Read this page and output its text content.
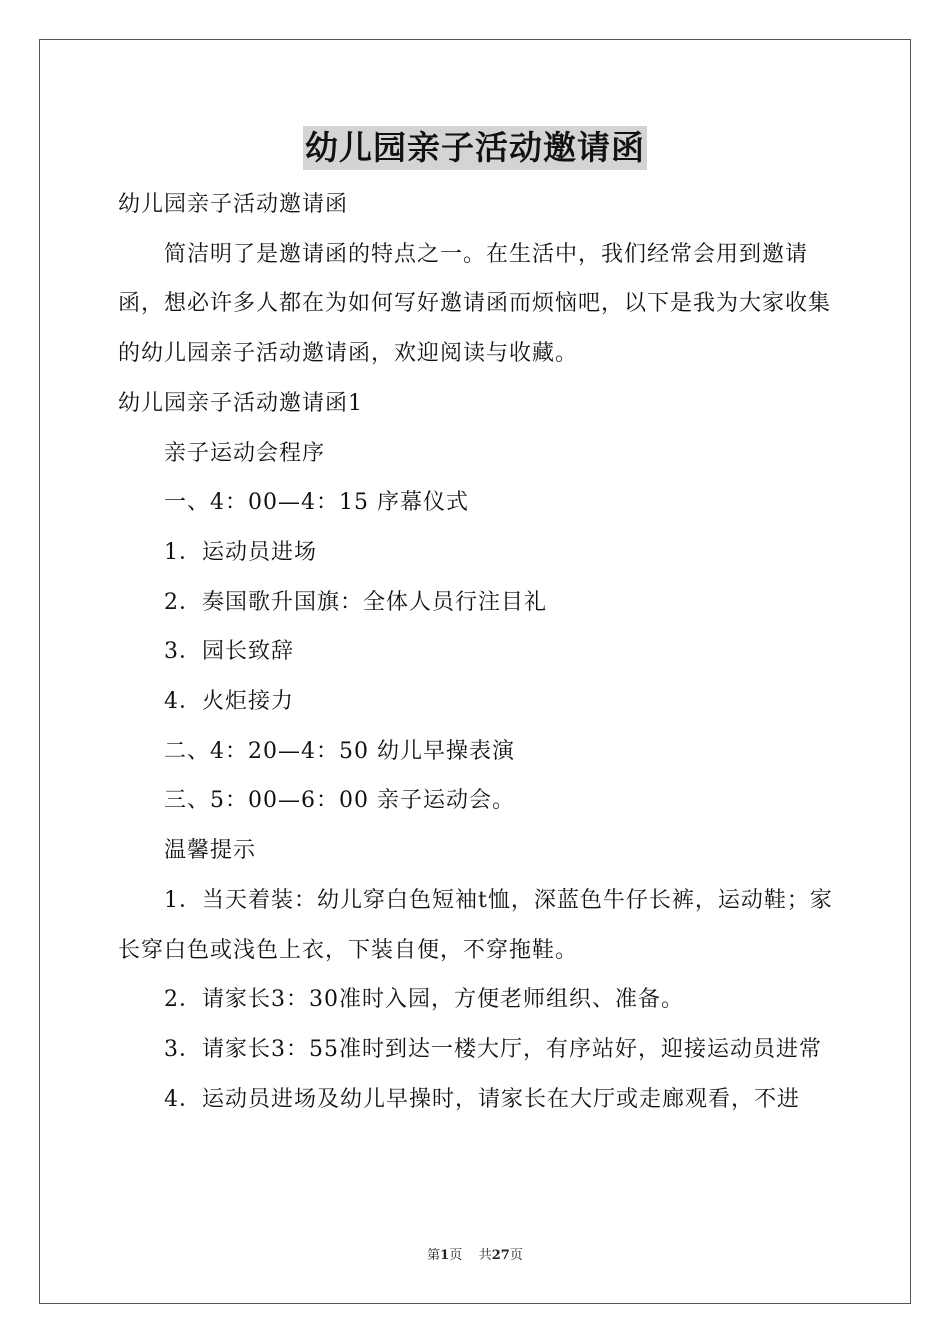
幼儿园亲子活动邀请函

幼儿园亲子活动邀请函

简洁明了是邀请函的特点之一。在生活中，我们经常会用到邀请函，想必许多人都在为如何写好邀请函而烦恼吧，以下是我为大家收集的幼儿园亲子活动邀请函，欢迎阅读与收藏。

幼儿园亲子活动邀请函1

亲子运动会程序

一、4：00—4：15 序幕仪式

1．运动员进场

2．奏国歌升国旗：全体人员行注目礼

3．园长致辞

4．火炬接力

二、4：20—4：50 幼儿早操表演

三、5：00—6：00 亲子运动会。

温馨提示

1．当天着装：幼儿穿白色短袖t恤，深蓝色牛仔长裤，运动鞋；家长穿白色或浅色上衣，下装自便，不穿拖鞋。

2．请家长3：30准时入园，方便老师组织、准备。

3．请家长3：55准时到达一楼大厅，有序站好，迎接运动员进常

4．运动员进场及幼儿早操时，请家长在大厅或走廊观看，不进

第1页 共27页
